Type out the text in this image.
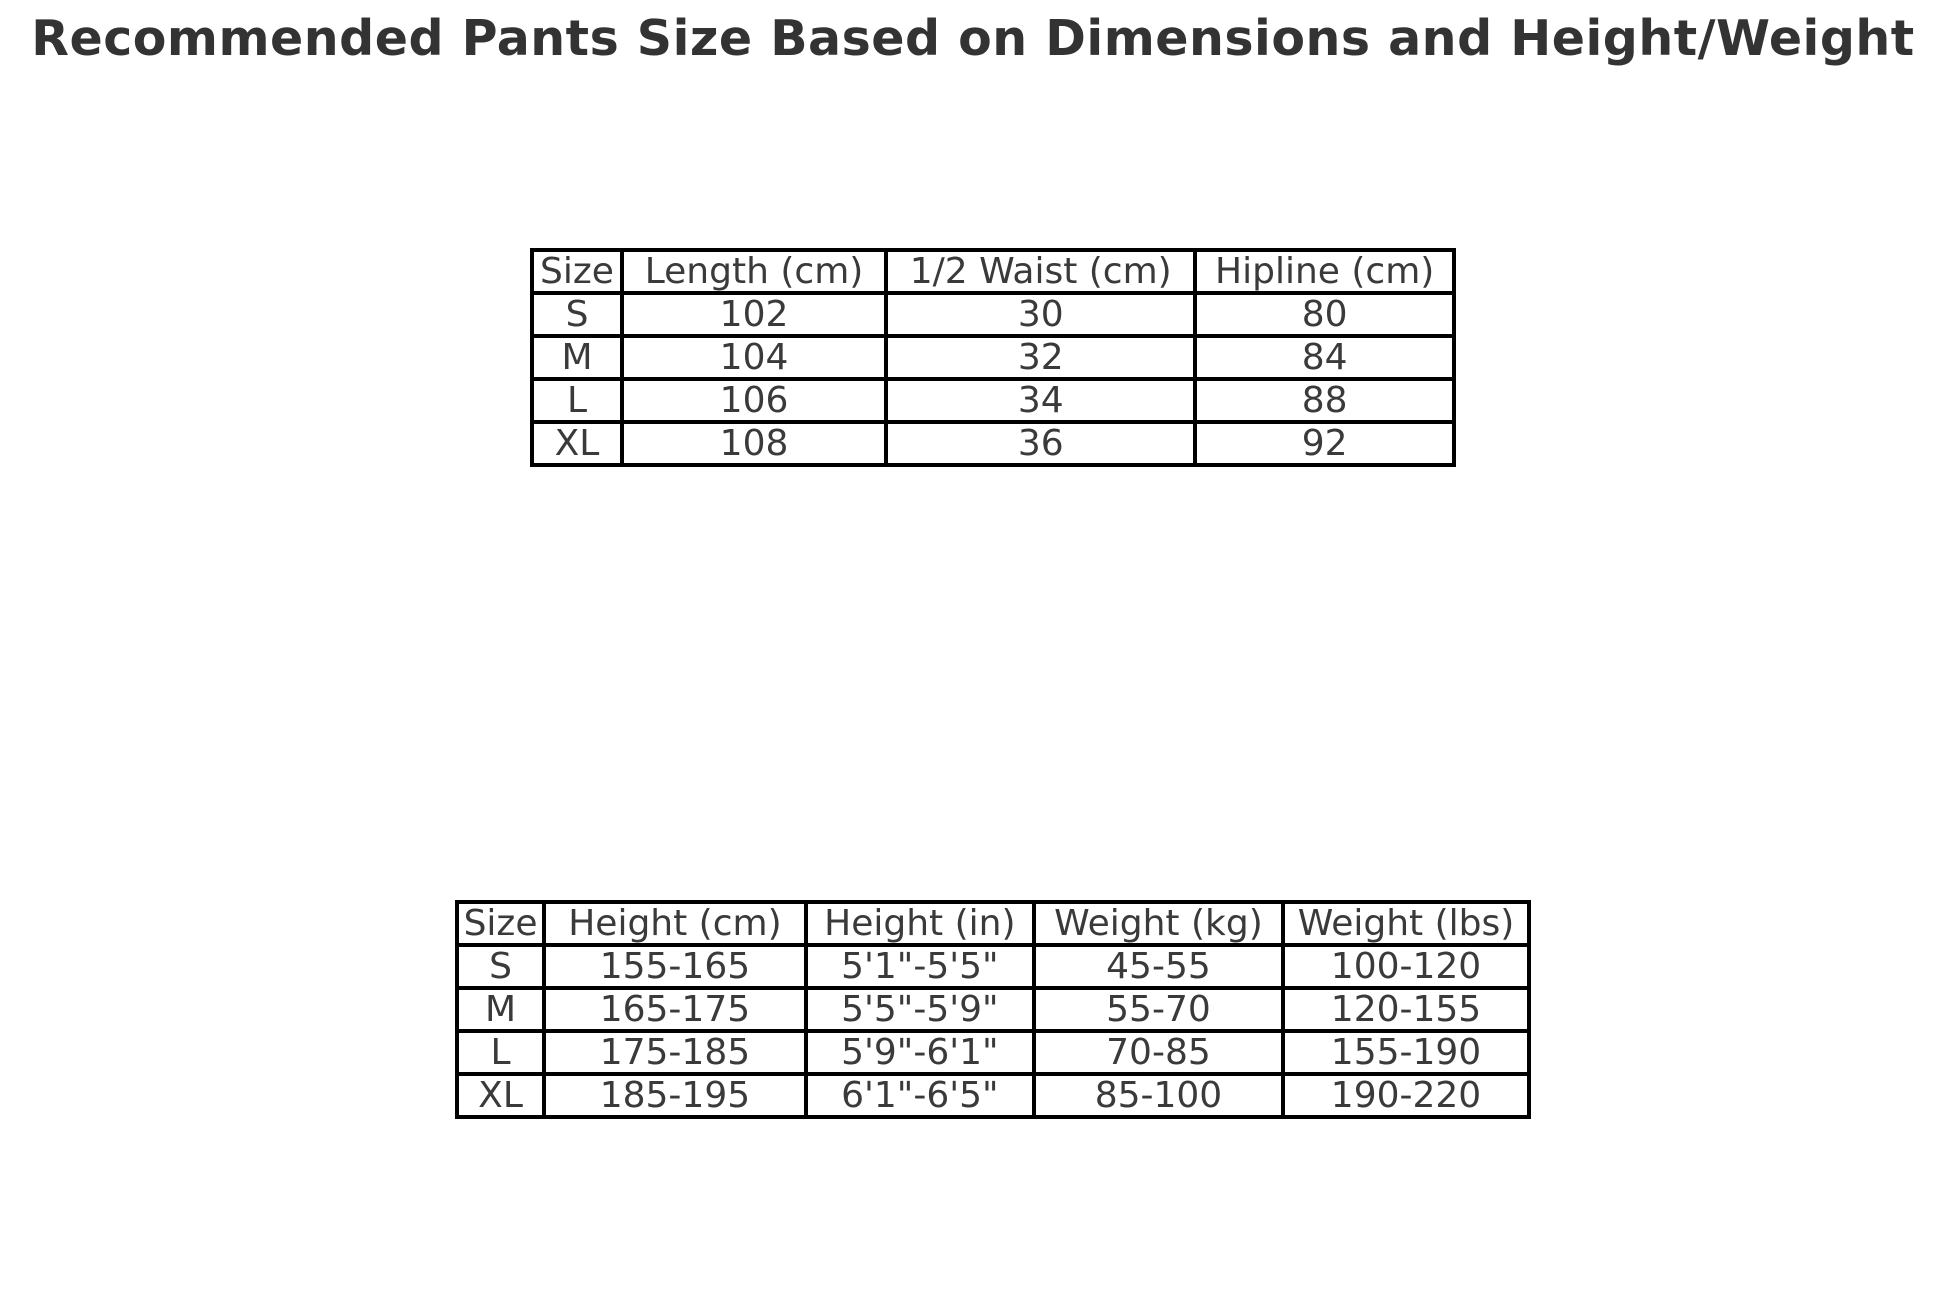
Recommended Pants Size Based on Dimensions and Height/Weight
Size	Length (cm)	1/2 Waist (cm)	Hipline (cm)
S	102	30	80
M	104	32	84
L	106	34	88
XL	108	36	92
Size	Height (cm)	Height (in)	Weight (kg)	Weight (lbs)
S	155-165	5'1"-5'5"	45-55	100-120
M	165-175	5'5"-5'9"	55-70	120-155
L	175-185	5'9"-6'1"	70-85	155-190
XL	185-195	6'1"-6'5"	85-100	190-220
